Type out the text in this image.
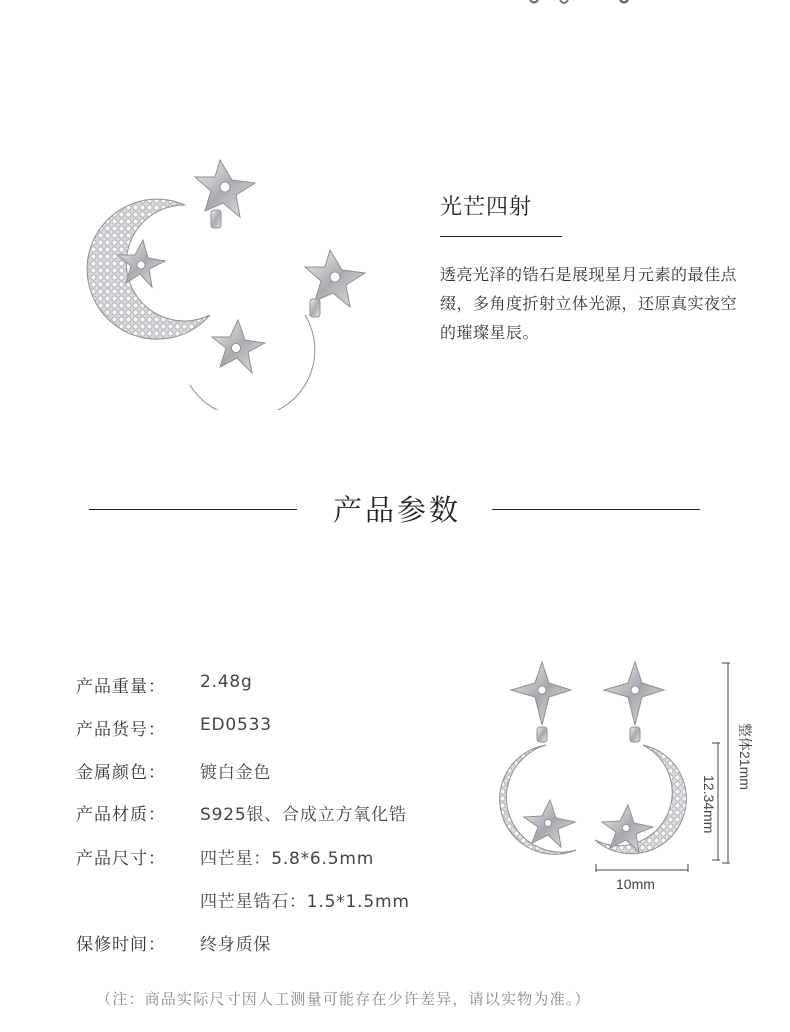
光芒四射
透亮光泽的锆石是展现星月元素的最佳点缀，多角度折射立体光源，还原真实夜空的璀璨星辰。
产品参数
产品重量： 2.48g
产品货号： ED0533
金属颜色： 镀白金色
产品材质： S925银、合成立方氧化锆
产品尺寸： 四芒星：5.8*6.5mm
四芒星锆石：1.5*1.5mm
保修时间： 终身质保
整体21mm
12.34mm
10mm
（注：商品实际尺寸因人工测量可能存在少许差异，请以实物为准。）
